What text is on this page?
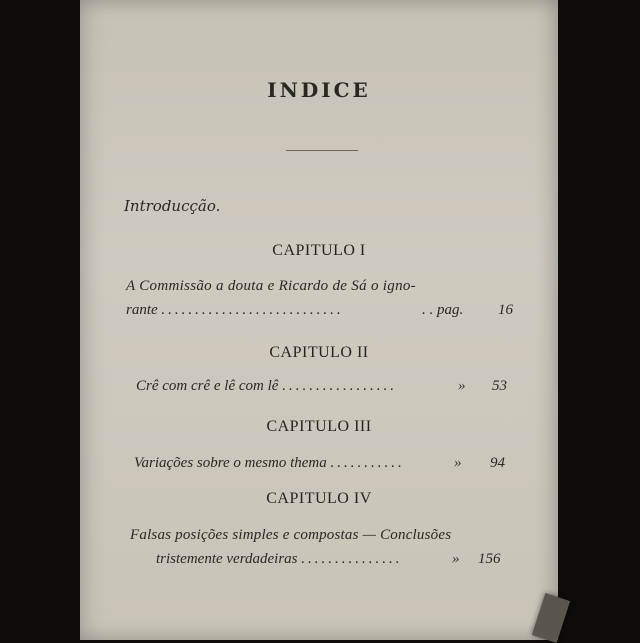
INDICE
Introducção.
CAPITULO I
A Commissão a douta e Ricardo de Sá o igno-
rante ...........................	. . pag. 16
CAPITULO II
Crê com crê e lê com lê .................	» 53
CAPITULO III
Variações sobre o mesmo thema ...........	» 94
CAPITULO IV
Falsas posições simples e compostas — Conclusões
tristemente verdadeiras ...............	» 156
